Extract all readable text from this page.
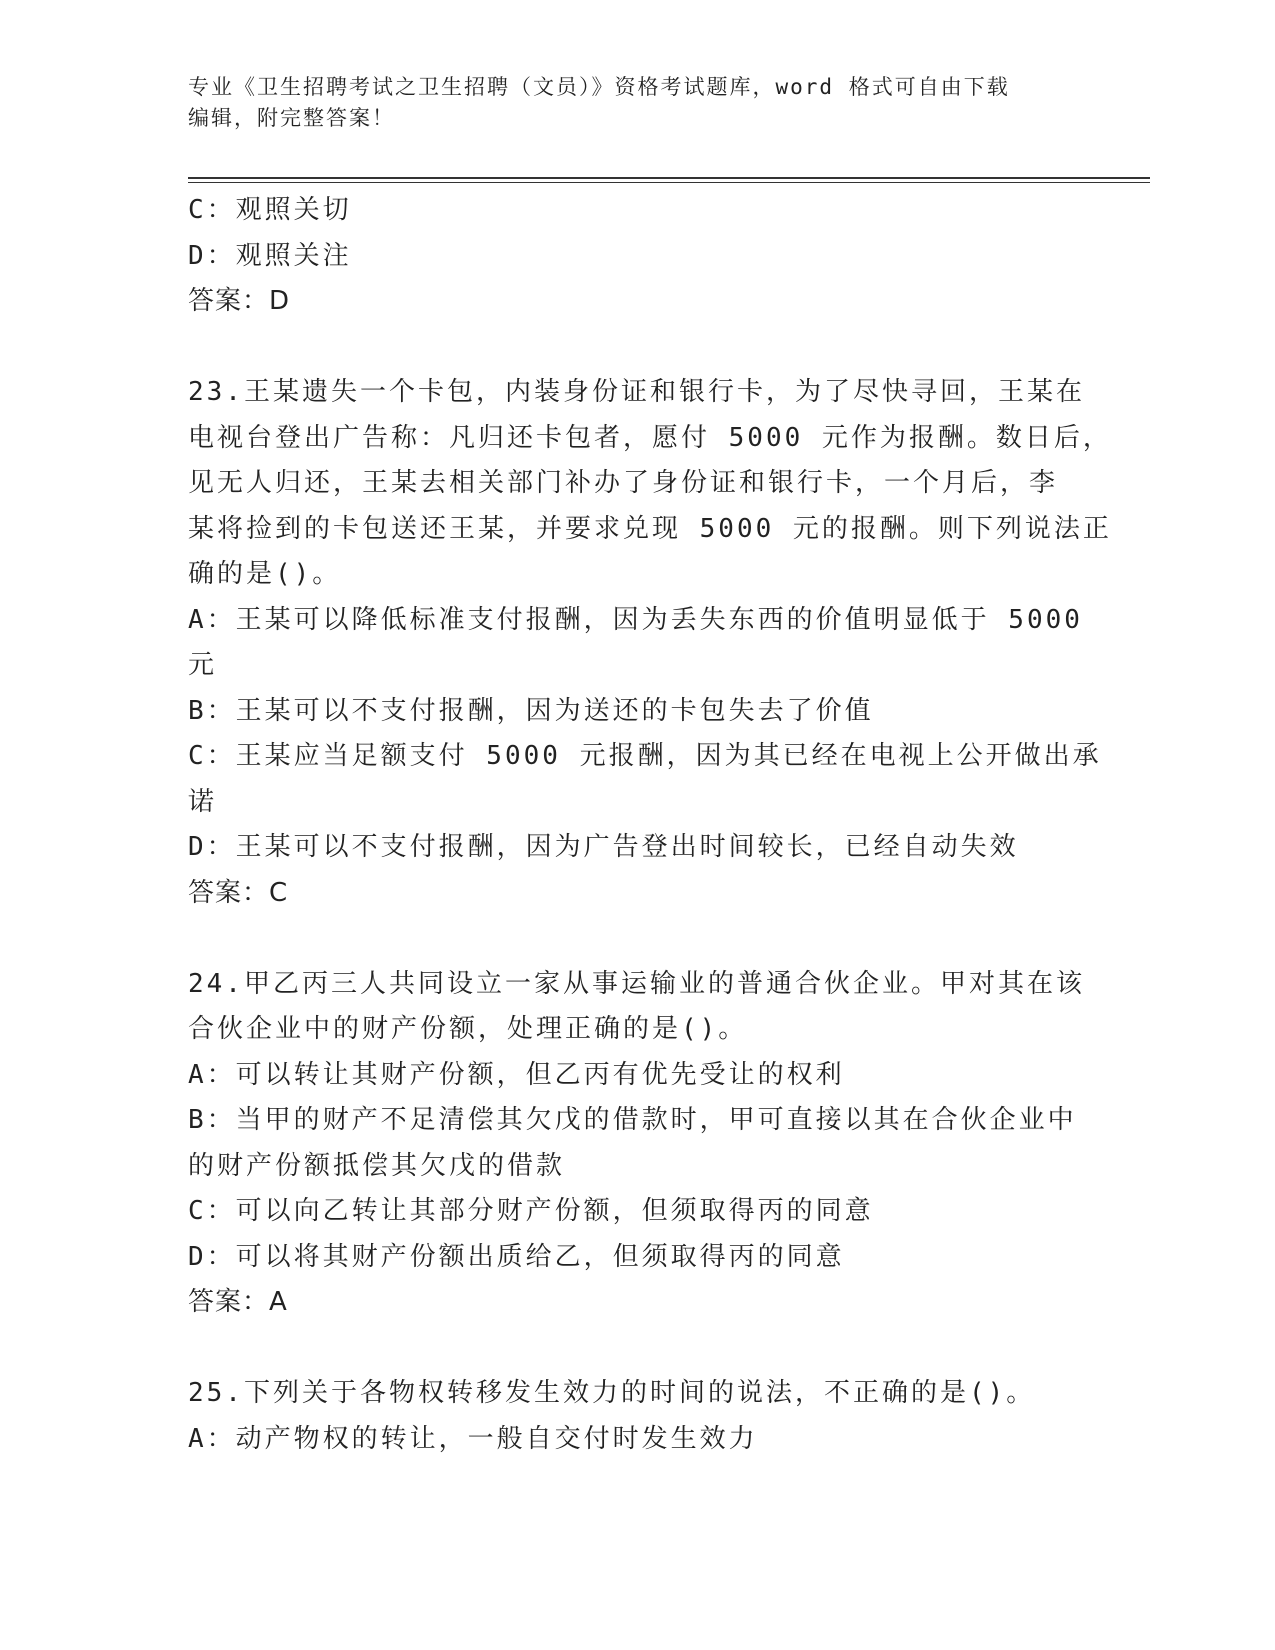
专业《卫生招聘考试之卫生招聘（文员）》资格考试题库，word 格式可自由下载
编辑，附完整答案！
C：观照关切
D：观照关注
答案：D
23.王某遗失一个卡包，内装身份证和银行卡，为了尽快寻回，王某在
电视台登出广告称：凡归还卡包者，愿付 5000 元作为报酬。数日后，
见无人归还，王某去相关部门补办了身份证和银行卡，一个月后，李
某将捡到的卡包送还王某，并要求兑现 5000 元的报酬。则下列说法正
确的是()。
A：王某可以降低标准支付报酬，因为丢失东西的价值明显低于 5000
元
B：王某可以不支付报酬，因为送还的卡包失去了价值
C：王某应当足额支付 5000 元报酬，因为其已经在电视上公开做出承
诺
D：王某可以不支付报酬，因为广告登出时间较长，已经自动失效
答案：C
24.甲乙丙三人共同设立一家从事运输业的普通合伙企业。甲对其在该
合伙企业中的财产份额，处理正确的是()。
A：可以转让其财产份额，但乙丙有优先受让的权利
B：当甲的财产不足清偿其欠戊的借款时，甲可直接以其在合伙企业中
的财产份额抵偿其欠戊的借款
C：可以向乙转让其部分财产份额，但须取得丙的同意
D：可以将其财产份额出质给乙，但须取得丙的同意
答案：A
25.下列关于各物权转移发生效力的时间的说法，不正确的是()。
A：动产物权的转让，一般自交付时发生效力
